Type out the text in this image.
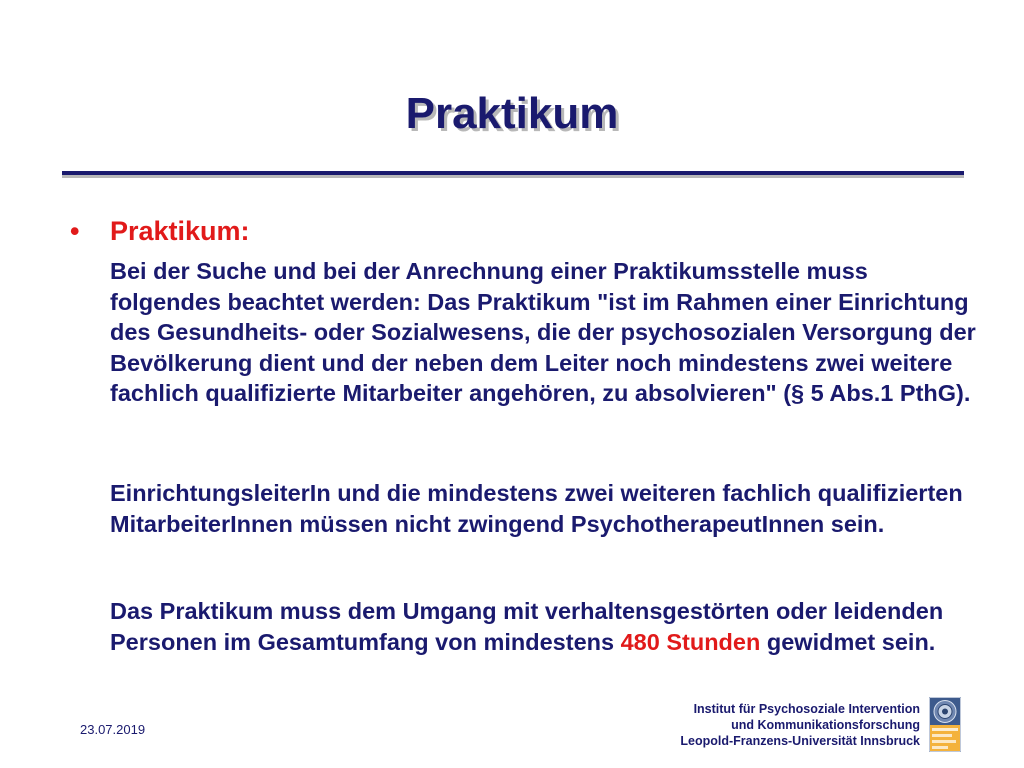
Praktikum
• Praktikum:

Bei der Suche und bei der Anrechnung einer Praktikumsstelle muss folgendes beachtet werden: Das Praktikum "ist im Rahmen einer Einrichtung des Gesundheits- oder Sozialwesens, die der psychosozialen Versorgung der Bevölkerung dient und der neben dem Leiter noch mindestens zwei weitere fachlich qualifizierte Mitarbeiter angehören, zu absolvieren" (§ 5 Abs.1 PthG).

EinrichtungsleiterIn und die mindestens zwei weiteren fachlich qualifizierten MitarbeiterInnen müssen nicht zwingend PsychotherapeutInnen sein.

Das Praktikum muss dem Umgang mit verhaltensgestörten oder leidenden Personen im Gesamtumfang von mindestens 480 Stunden gewidmet sein.

23.07.2019
Institut für Psychosoziale Intervention
und Kommunikationsforschung
Leopold-Franzens-Universität Innsbruck
